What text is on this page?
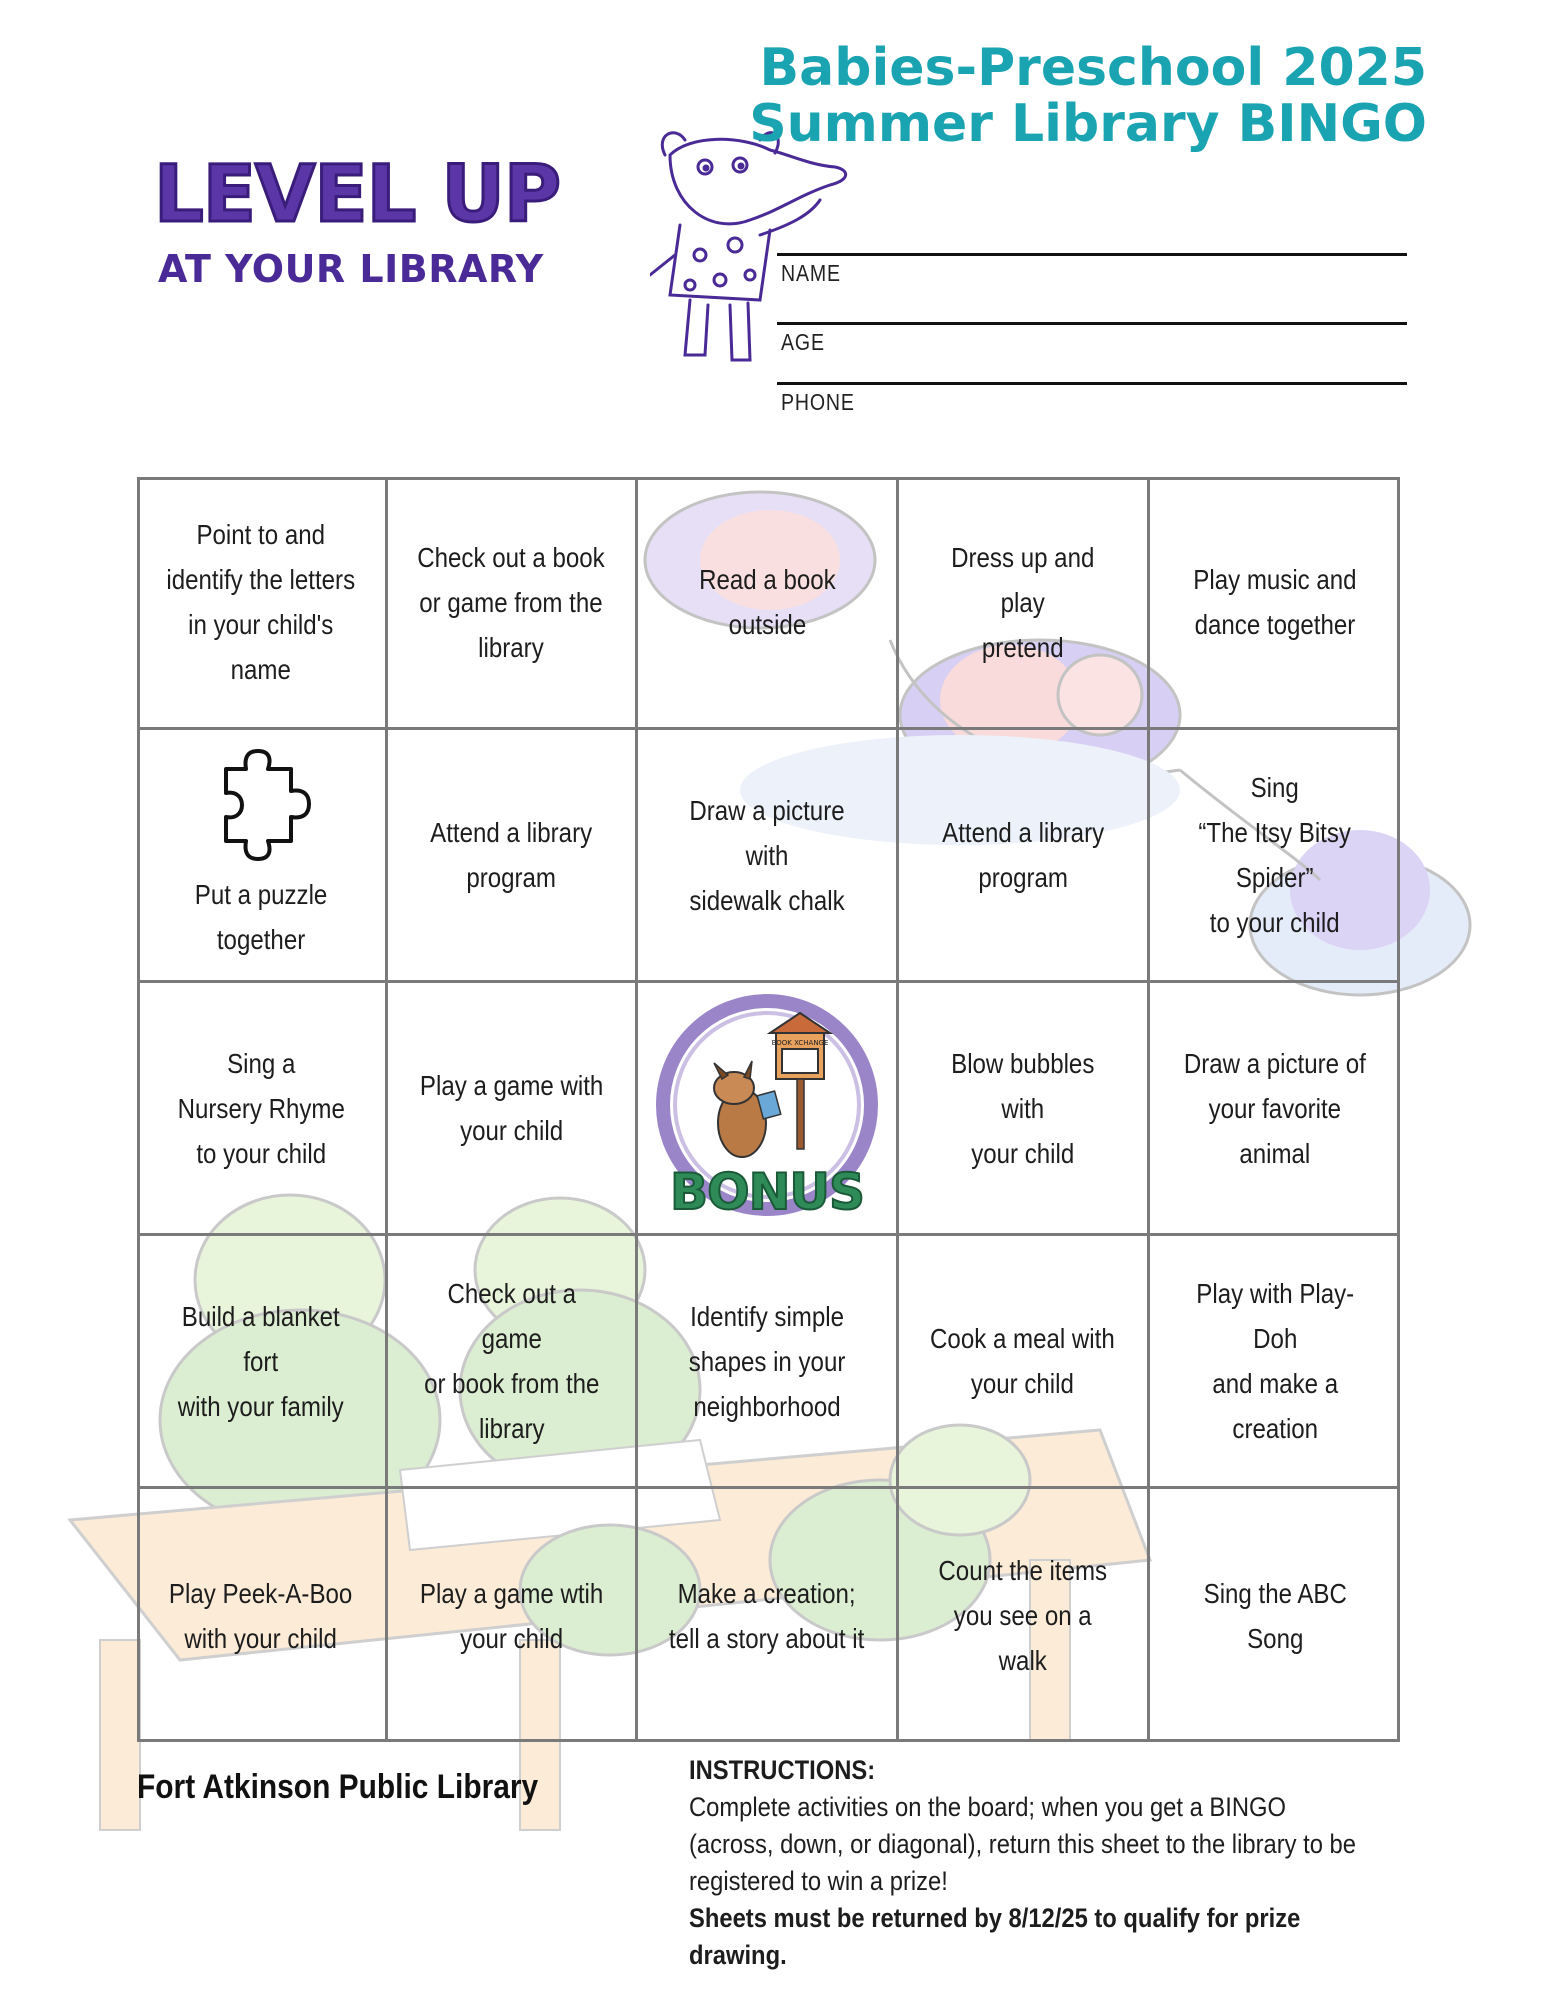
LEVEL UP
AT YOUR LIBRARY
Babies-Preschool 2025
Summer Library BINGO
NAME
AGE
PHONE
Point to and
identify the letters
in your child's name
Check out a book
or game from the
library
Read a book
outside
Dress up and play
pretend
Play music and
dance together
Put a puzzle
together
Attend a library
program
Draw a picture with
sidewalk chalk
Attend a library
program
Sing
“The Itsy Bitsy
Spider”
to your child
Sing a
Nursery Rhyme
to your child
Play a game with
your child
BOOK XCHANGE
BONUS
Blow bubbles with
your child
Draw a picture of
your favorite
animal
Build a blanket fort
with your family
Check out a game
or book from the
library
Identify simple
shapes in your
neighborhood
Cook a meal with
your child
Play with Play-Doh
and make a
creation
Play Peek-A-Boo
with your child
Play a game wtih
your child
Make a creation;
tell a story about it
Count the items
you see on a walk
Sing the ABC Song
Fort Atkinson Public Library	INSTRUCTIONS:
Complete activities on the board; when you get a BINGO (across, down, or diagonal), return this sheet to the library to be registered to win a prize!
Sheets must be returned by 8/12/25 to qualify for prize drawing.
